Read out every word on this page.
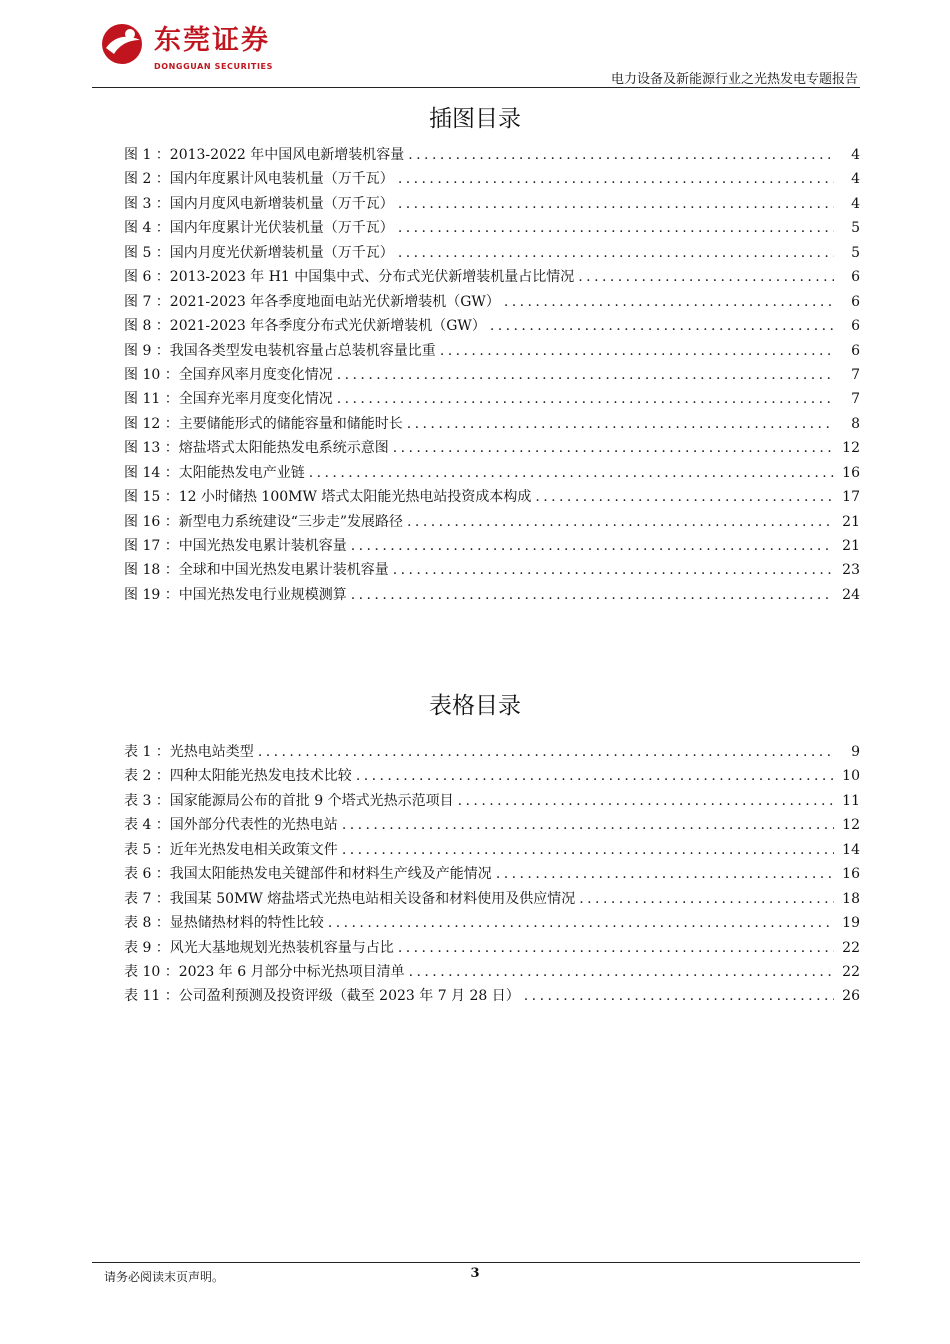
东莞证券
DONGGUAN SECURITIES
电力设备及新能源行业之光热发电专题报告
插图目录
图 1 ：2013-2022 年中国风电新增装机容量 . . .	4
图 2 ：国内年度累计风电装机量（万千瓦） . . .	4
图 3 ：国内月度风电新增装机量（万千瓦） . . .	4
图 4 ：国内年度累计光伏装机量（万千瓦） . . .	5
图 5 ：国内月度光伏新增装机量（万千瓦） . . .	5
图 6 ：2013-2023 年 H1 中国集中式、分布式光伏新增装机量占比情况 . . .	6
图 7 ：2021-2023 年各季度地面电站光伏新增装机（GW） . . .	6
图 8 ：2021-2023 年各季度分布式光伏新增装机（GW） . . .	6
图 9 ：我国各类型发电装机容量占总装机容量比重 . . .	6
图 10 ：全国弃风率月度变化情况 . . .	7
图 11 ：全国弃光率月度变化情况 . . .	7
图 12 ：主要储能形式的储能容量和储能时长 . . .	8
图 13 ：熔盐塔式太阳能热发电系统示意图 . . .	12
图 14 ：太阳能热发电产业链 . . .	16
图 15 ：12 小时储热 100MW 塔式太阳能光热电站投资成本构成 . . .	17
图 16 ：新型电力系统建设“三步走”发展路径 . . .	21
图 17 ：中国光热发电累计装机容量 . . .	21
图 18 ：全球和中国光热发电累计装机容量 . . .	23
图 19 ：中国光热发电行业规模测算 . . .	24
表格目录
表 1 ：光热电站类型 . . .	9
表 2 ：四种太阳能光热发电技术比较 . . .	10
表 3 ：国家能源局公布的首批 9 个塔式光热示范项目 . . .	11
表 4 ：国外部分代表性的光热电站 . . .	12
表 5 ：近年光热发电相关政策文件 . . .	14
表 6 ：我国太阳能热发电关键部件和材料生产线及产能情况 . . .	16
表 7 ：我国某 50MW 熔盐塔式光热电站相关设备和材料使用及供应情况 . . .	18
表 8 ：显热储热材料的特性比较 . . .	19
表 9 ：风光大基地规划光热装机容量与占比 . . .	22
表 10 ：2023 年 6 月部分中标光热项目清单 . . .	22
表 11 ：公司盈利预测及投资评级（截至 2023 年 7 月 28 日） . . .	26
请务必阅读末页声明。	3
